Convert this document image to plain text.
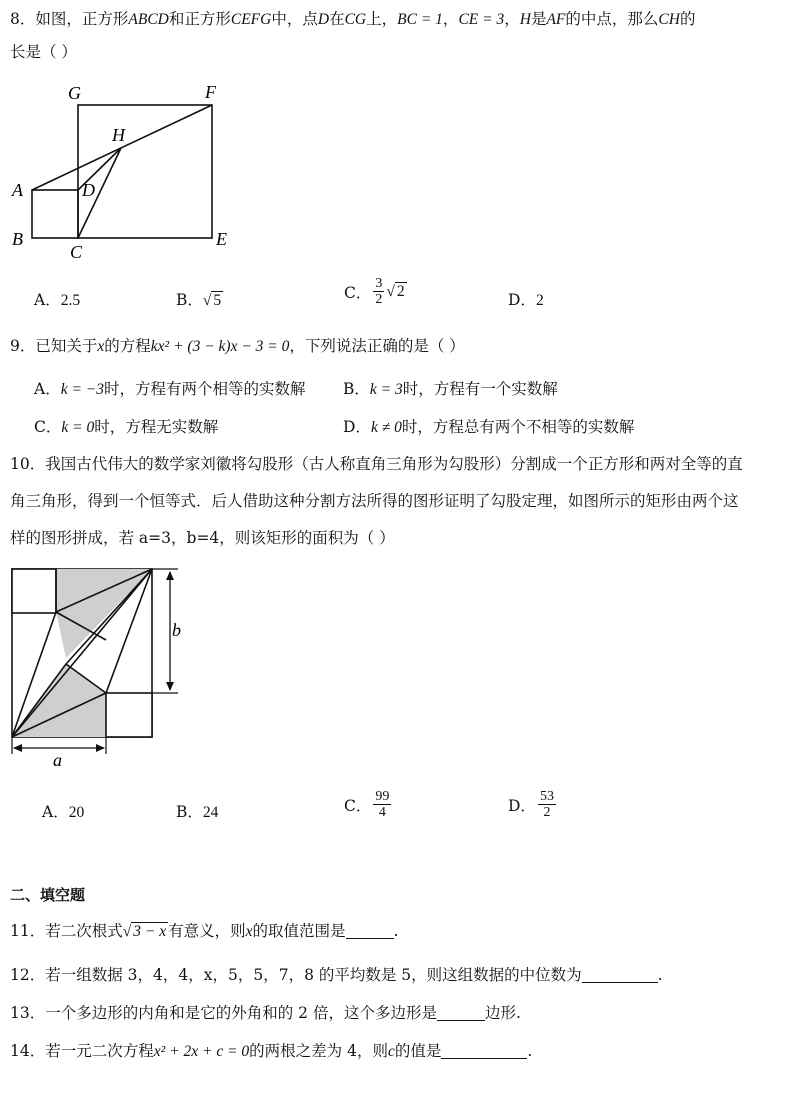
8．如图，正方形ABCD和正方形CEFG中，点D在CG上，BC = 1，CE = 3，H是AF的中点，那么CH的
长是（ ）
G	F
H
A	D
B
C
E
A．2.5	B．√ 5	C． $\frac{3}{2}$ √ 2	D．2
9．已知关于x的方程kx² + (3 − k)x − 3 = 0，下列说法正确的是（ ）
A．k = −3时，方程有两个相等的实数解 B．k = 3时，方程有一个实数解
C．k = 0时，方程无实数解	D．k ≠ 0时，方程总有两个不相等的实数解
10．我国古代伟大的数学家刘徽将勾股形（古人称直角三角形为勾股形）分割成一个正方形和两对全等的直
角三角形，得到一个恒等式．后人借助这种分割方法所得的图形证明了勾股定理，如图所示的矩形由两个这
样的图形拼成，若 a=3，b=4，则该矩形的面积为（ ）
b
a
A．20	B．24	C． $\frac{99}{4}$	D． $\frac{53}{2}$
二、填空题
11．若二次根式√ 3 − x 有意义，则x的取值范围是	.
12．若一组数据 3，4，4，x，5，5，7，8 的平均数是 5，则这组数据的中位数为	.
13．一个多边形的内角和是它的外角和的 2 倍，这个多边形是	边形.
14．若一元二次方程x² + 2x + c = 0的两根之差为 4，则c的值是	.
